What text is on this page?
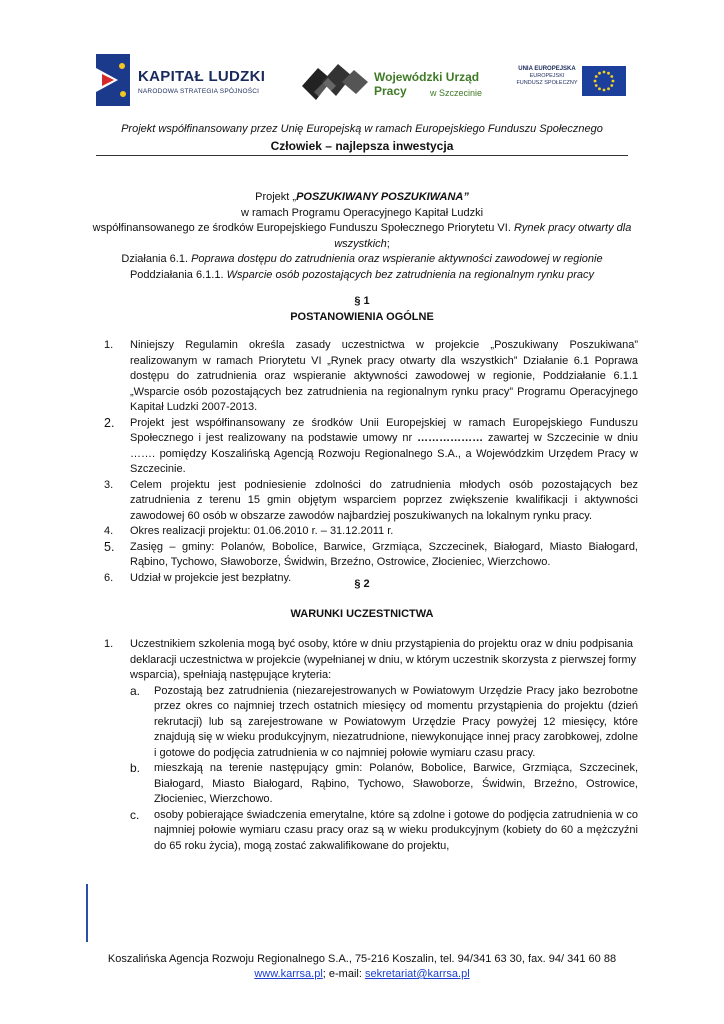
KAPITAŁ LUDZKI
NARODOWA STRATEGIA SPÓJNOŚCI
Wojewódzki Urząd Pracy	w Szczecinie
UNIA EUROPEJSKA
EUROPEJSKI
FUNDUSZ SPOŁECZNY
Projekt współfinansowany przez Unię Europejską w ramach Europejskiego Funduszu Społecznego
Człowiek – najlepsza inwestycja
Projekt „POSZUKIWANY POSZUKIWANA”
w ramach Programu Operacyjnego Kapitał Ludzki
współfinansowanego ze środków Europejskiego Funduszu Społecznego Priorytetu VI. Rynek pracy otwarty dla wszystkich;
Działania 6.1. Poprawa dostępu do zatrudnienia oraz wspieranie aktywności zawodowej w regionie
Poddziałania 6.1.1. Wsparcie osób pozostających bez zatrudnienia na regionalnym rynku pracy
§ 1
POSTANOWIENIA OGÓLNE
1.	Niniejszy Regulamin określa zasady uczestnictwa w projekcie „Poszukiwany Poszukiwana” realizowanym w ramach Priorytetu VI „Rynek pracy otwarty dla wszystkich” Działanie 6.1 Poprawa dostępu do zatrudnienia oraz wspieranie aktywności zawodowej w regionie, Poddziałanie 6.1.1 „Wsparcie osób pozostających bez zatrudnienia na regionalnym rynku pracy” Programu Operacyjnego Kapitał Ludzki 2007-2013.
2.	Projekt jest współfinansowany ze środków Unii Europejskiej w ramach Europejskiego Funduszu Społecznego i jest realizowany na podstawie umowy nr ……………… zawartej w Szczecinie w dniu ……. pomiędzy Koszalińską Agencją Rozwoju Regionalnego S.A., a Wojewódzkim Urzędem Pracy w Szczecinie.
3.	Celem projektu jest podniesienie zdolności do zatrudnienia młodych osób pozostających bez zatrudnienia z terenu 15 gmin objętym wsparciem poprzez zwiększenie kwalifikacji i aktywności zawodowej 60 osób w obszarze zawodów najbardziej poszukiwanych na lokalnym rynku pracy.
4.	Okres realizacji projektu: 01.06.2010 r. – 31.12.2011 r.
5.	Zasięg – gminy: Polanów, Bobolice, Barwice, Grzmiąca, Szczecinek, Białogard, Miasto Białogard, Rąbino, Tychowo, Sławoborze, Świdwin, Brzeźno, Ostrowice, Złocieniec, Wierzchowo.
6.	Udział w projekcie jest bezpłatny.
§ 2
WARUNKI UCZESTNICTWA
1.	Uczestnikiem szkolenia mogą być osoby, które w dniu przystąpienia do projektu oraz w dniu podpisania deklaracji uczestnictwa w projekcie (wypełnianej w dniu, w którym uczestnik skorzysta z pierwszej formy wsparcia), spełniają następujące kryteria:
a. Pozostają bez zatrudnienia (niezarejestrowanych w Powiatowym Urzędzie Pracy jako bezrobotne przez okres co najmniej trzech ostatnich miesięcy od momentu przystąpienia do projektu (dzień rekrutacji) lub są zarejestrowane w Powiatowym Urzędzie Pracy powyżej 12 miesięcy, które znajdują się w wieku produkcyjnym, niezatrudnione, niewykonujące innej pracy zarobkowej, zdolne i gotowe do podjęcia zatrudnienia w co najmniej połowie wymiaru czasu pracy.
b. mieszkają na terenie następujący gmin: Polanów, Bobolice, Barwice, Grzmiąca, Szczecinek, Białogard, Miasto Białogard, Rąbino, Tychowo, Sławoborze, Świdwin, Brzeźno, Ostrowice, Złocieniec, Wierzchowo.
c. osoby pobierające świadczenia emerytalne, które są zdolne i gotowe do podjęcia zatrudnienia w co najmniej połowie wymiaru czasu pracy oraz są w wieku produkcyjnym (kobiety do 60 a mężczyźni do 65 roku życia), mogą zostać zakwalifikowane do projektu,
Koszalińska Agencja Rozwoju Regionalnego S.A., 75-216 Koszalin, tel. 94/341 63 30, fax. 94/ 341 60 88
www.karrsa.pl; e-mail: sekretariat@karrsa.pl
